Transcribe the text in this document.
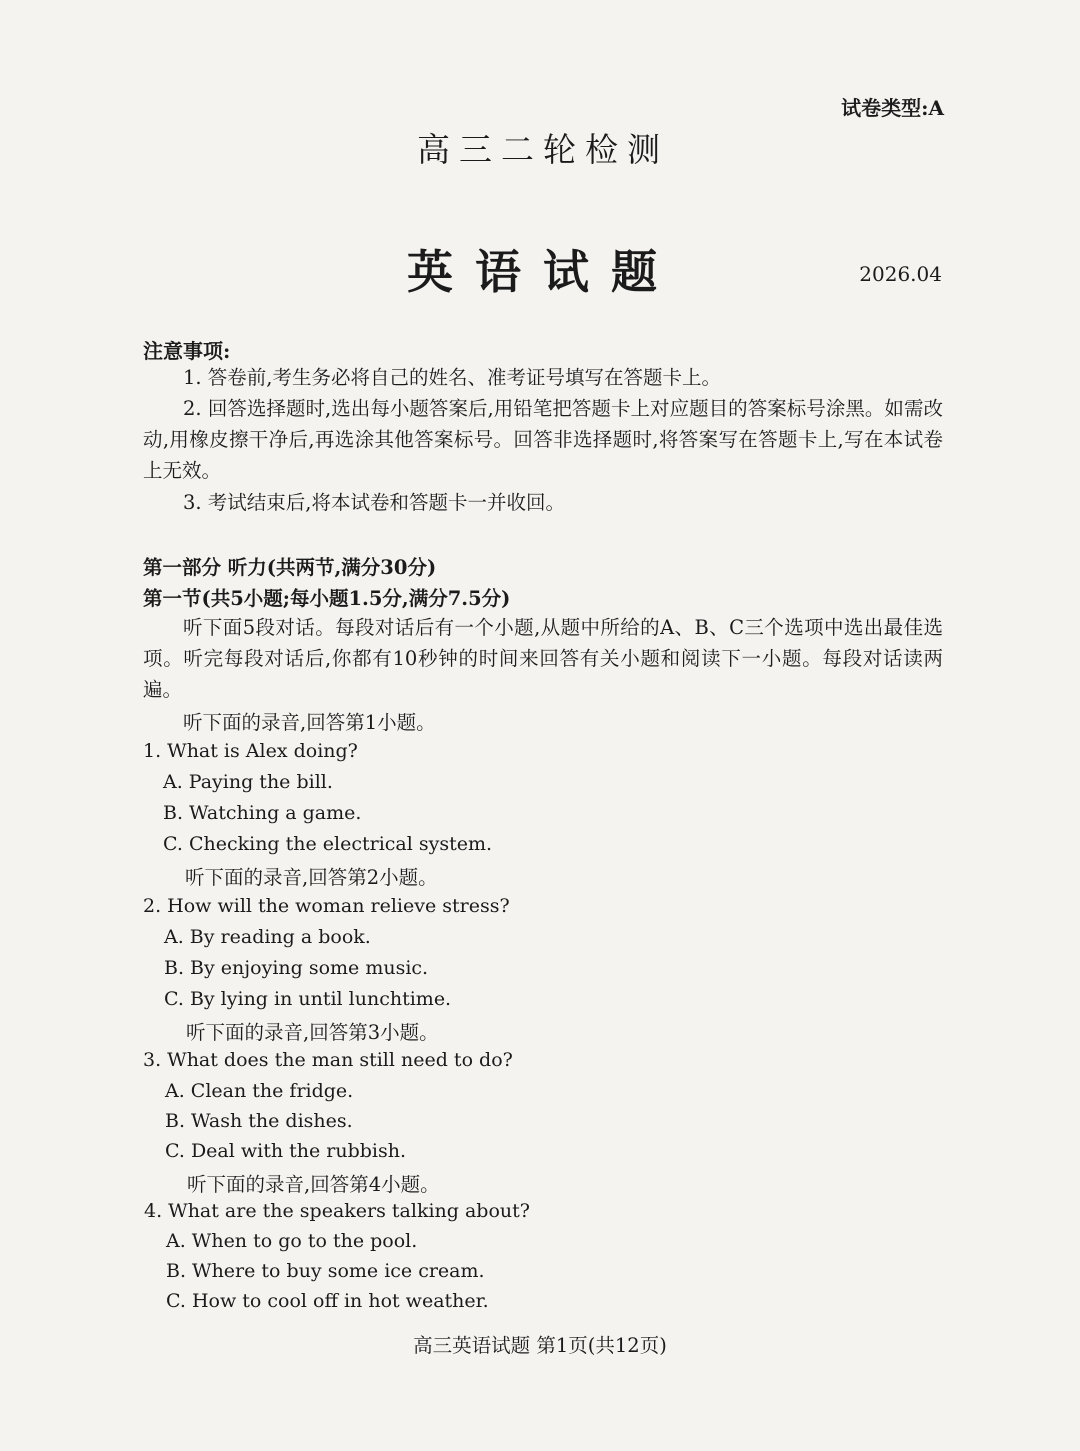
试卷类型:A
高三二轮检测
英语试题	2026.04
注意事项:
1. 答卷前,考生务必将自己的姓名、准考证号填写在答题卡上。
2. 回答选择题时,选出每小题答案后,用铅笔把答题卡上对应题目的答案标号涂黑。如需改动,用橡皮擦干净后,再选涂其他答案标号。回答非选择题时,将答案写在答题卡上,写在本试卷上无效。
3. 考试结束后,将本试卷和答题卡一并收回。
第一部分 听力(共两节,满分30分)
第一节(共5小题;每小题1.5分,满分7.5分)
听下面5段对话。每段对话后有一个小题,从题中所给的A、B、C三个选项中选出最佳选项。听完每段对话后,你都有10秒钟的时间来回答有关小题和阅读下一小题。每段对话读两遍。
听下面的录音,回答第1小题。
1. What is Alex doing?
A. Paying the bill.
B. Watching a game.
C. Checking the electrical system.
听下面的录音,回答第2小题。
2. How will the woman relieve stress?
A. By reading a book.
B. By enjoying some music.
C. By lying in until lunchtime.
听下面的录音,回答第3小题。
3. What does the man still need to do?
A. Clean the fridge.
B. Wash the dishes.
C. Deal with the rubbish.
听下面的录音,回答第4小题。
4. What are the speakers talking about?
A. When to go to the pool.
B. Where to buy some ice cream.
C. How to cool off in hot weather.
高三英语试题 第1页(共12页)
